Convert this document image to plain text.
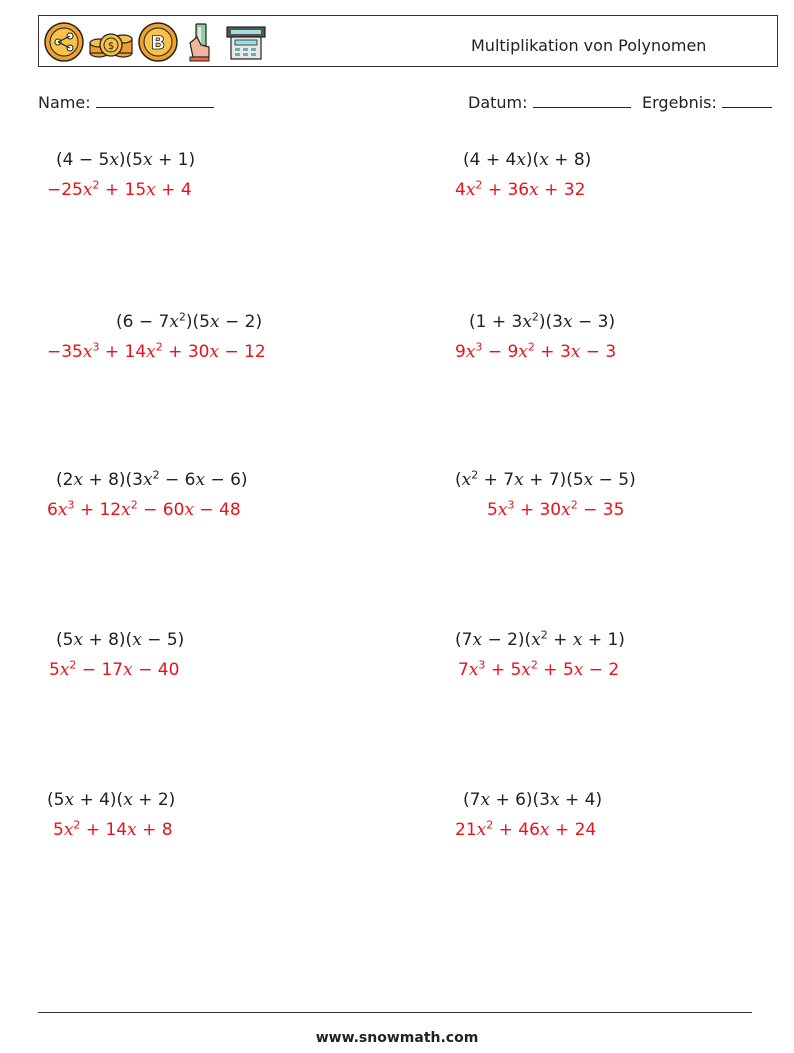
$ B	Multiplikation von Polynomen
Name:	Datum:	Ergebnis:
(4 − 5x)(5x + 1)
$-25x^2 + 15x + 4$
(4 + 4x)(x + 8)
$4x^2 + 36x + 32$
$(6 - 7x^2)(5x - 2)$
$-35x^3 + 14x^2 + 30x - 12$
$(1 + 3x^2)(3x - 3)$
$9x^3 - 9x^2 + 3x - 3$
$(2x + 8)(3x^2 - 6x - 6)$
$6x^3 + 12x^2 - 60x - 48$
$(x^2 + 7x + 7)(5x - 5)$
$5x^3 + 30x^2 - 35$
(5x + 8)(x − 5)
$5x^2 - 17x - 40$
$(7x - 2)(x^2 + x + 1)$
$7x^3 + 5x^2 + 5x - 2$
(5x + 4)(x + 2)
$5x^2 + 14x + 8$
(7x + 6)(3x + 4)
$21x^2 + 46x + 24$
www.snowmath.com
